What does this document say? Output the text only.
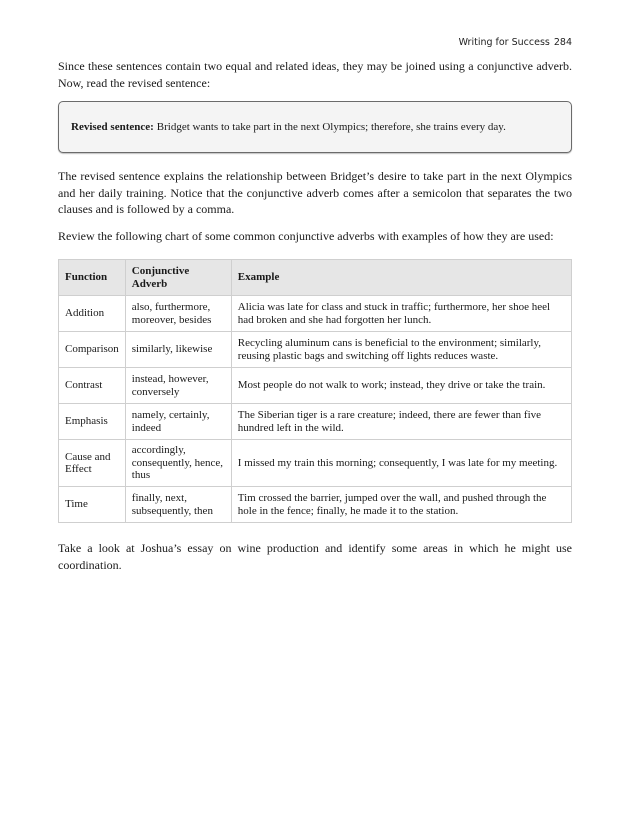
Writing for Success 284

Since these sentences contain two equal and related ideas, they may be joined using a conjunctive adverb. Now, read the revised sentence:

Revised sentence: Bridget wants to take part in the next Olympics; therefore, she trains every day.

The revised sentence explains the relationship between Bridget’s desire to take part in the next Olympics and her daily training. Notice that the conjunctive adverb comes after a semicolon that separates the two clauses and is followed by a comma.

Review the following chart of some common conjunctive adverbs with examples of how they are used:

Function	Conjunctive Adverb	Example
Addition	also, furthermore, moreover, besides	Alicia was late for class and stuck in traffic; furthermore, her shoe heel had broken and she had forgotten her lunch.
Comparison	similarly, likewise	Recycling aluminum cans is beneficial to the environment; similarly, reusing plastic bags and switching off lights reduces waste.
Contrast	instead, however, conversely	Most people do not walk to work; instead, they drive or take the train.
Emphasis	namely, certainly, indeed	The Siberian tiger is a rare creature; indeed, there are fewer than five hundred left in the wild.
Cause and Effect	accordingly, consequently, hence, thus	I missed my train this morning; consequently, I was late for my meeting.
Time	finally, next, subsequently, then	Tim crossed the barrier, jumped over the wall, and pushed through the hole in the fence; finally, he made it to the station.

Take a look at Joshua’s essay on wine production and identify some areas in which he might use coordination.
